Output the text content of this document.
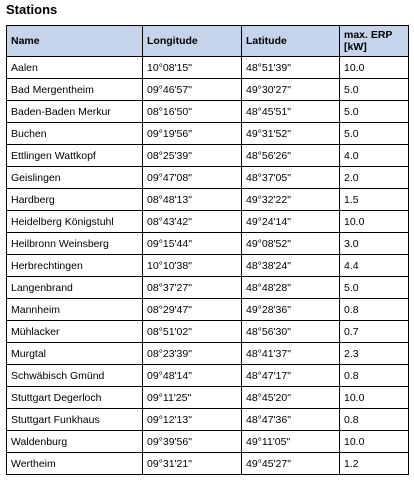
Stations
Name	Longitude	Latitude	max. ERP
[kW]
Aalen	10°08'15"	48°51'39"	10.0
Bad Mergentheim	09°46'57"	49°30'27"	5.0
Baden-Baden Merkur	08°16'50"	48°45'51"	5.0
Buchen	09°19'56"	49°31'52"	5.0
Ettlingen Wattkopf	08°25'39"	48°56'26"	4.0
Geislingen	09°47'08"	48°37'05"	2.0
Hardberg	08°48'13"	49°32'22"	1.5
Heidelberg Königstuhl	08°43'42"	49°24'14"	10.0
Heilbronn Weinsberg	09°15'44"	49°08'52"	3.0
Herbrechtingen	10°10'38"	48°38'24"	4.4
Langenbrand	08°37'27"	48°48'28"	5.0
Mannheim	08°29'47"	49°28'36"	0.8
Mühlacker	08°51'02"	48°56'30"	0.7
Murgtal	08°23'39"	48°41'37"	2.3
Schwäbisch Gmünd	09°48'14"	48°47'17"	0.8
Stuttgart Degerloch	09°11'25"	48°45'20"	10.0
Stuttgart Funkhaus	09°12'13"	48°47'36"	0.8
Waldenburg	09°39'56"	49°11'05"	10.0
Wertheim	09°31'21"	49°45'27"	1.2
